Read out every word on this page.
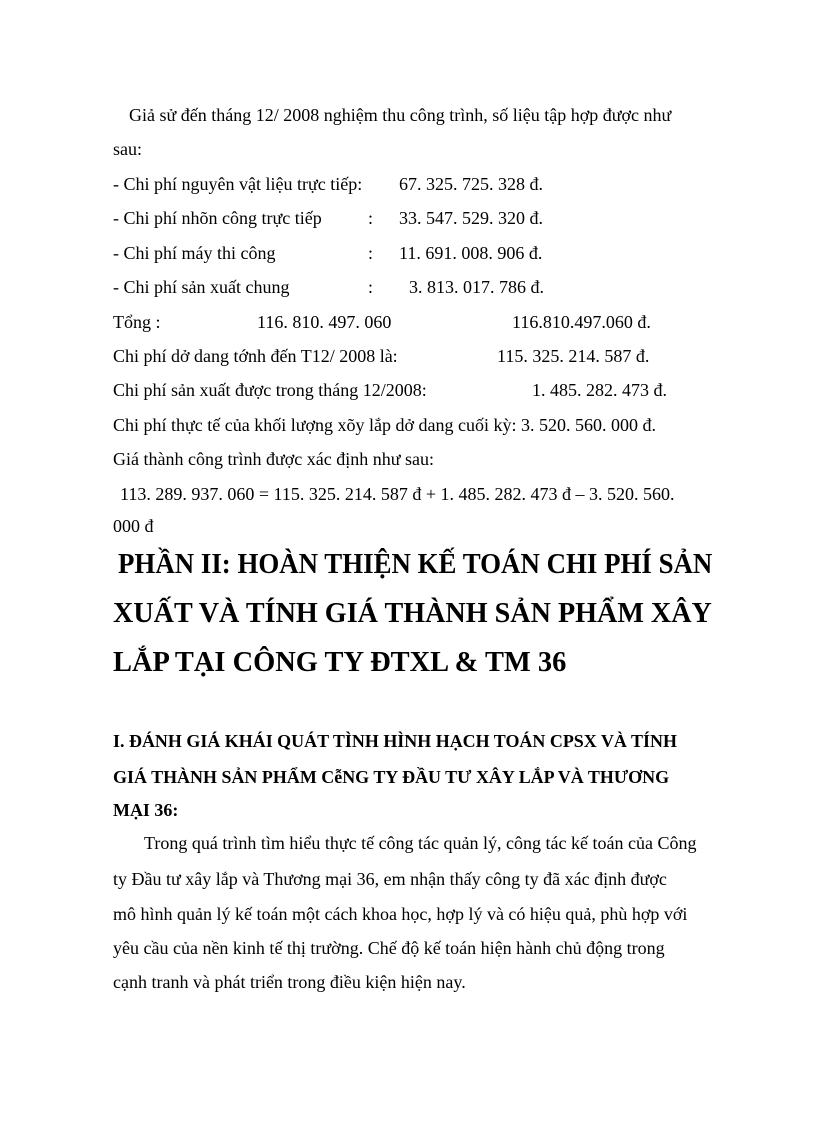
Giả sử đến tháng 12/ 2008 nghiệm thu công trình, số liệu tập hợp được như
sau:
- Chi phí nguyên vật liệu trực tiếp: 67. 325. 725. 328 đ.
- Chi phí nhõn công trực tiếp	: 33. 547. 529. 320 đ.
- Chi phí máy thi công	: 11. 691. 008. 906 đ.
- Chi phí sản xuất chung	: 3. 813. 017. 786 đ.
Tổng :	116. 810. 497. 060	116.810.497.060 đ.
Chi phí dở dang tớnh đến T12/ 2008 là:	115. 325. 214. 587 đ.
Chi phí sản xuất được trong tháng 12/2008:	1. 485. 282. 473 đ.
Chi phí thực tế của khối lượng xõy lắp dở dang cuối kỳ: 3. 520. 560. 000 đ.
Giá thành công trình được xác định như sau:
113. 289. 937. 060 = 115. 325. 214. 587 đ + 1. 485. 282. 473 đ – 3. 520. 560.
000 đ
PHẦN II: HOÀN THIỆN KẾ TOÁN CHI PHÍ SẢN
XUẤT VÀ TÍNH GIÁ THÀNH SẢN PHẨM XÂY
LẮP TẠI CÔNG TY ĐTXL & TM 36
I. ĐÁNH GIÁ KHÁI QUÁT TÌNH HÌNH HẠCH TOÁN CPSX VÀ TÍNH
GIÁ THÀNH SẢN PHẨM CễNG TY ĐẦU TƯ XÂY LẮP VÀ THƯƠNG
MẠI 36:
Trong quá trình tìm hiểu thực tế công tác quản lý, công tác kế toán của Công
ty Đầu tư xây lắp và Thương mại 36, em nhận thấy công ty đã xác định được
mô hình quản lý kế toán một cách khoa học, hợp lý và có hiệu quả, phù hợp với
yêu cầu của nền kinh tế thị trường. Chế độ kế toán hiện hành chủ động trong
cạnh tranh và phát triển trong điều kiện hiện nay.
